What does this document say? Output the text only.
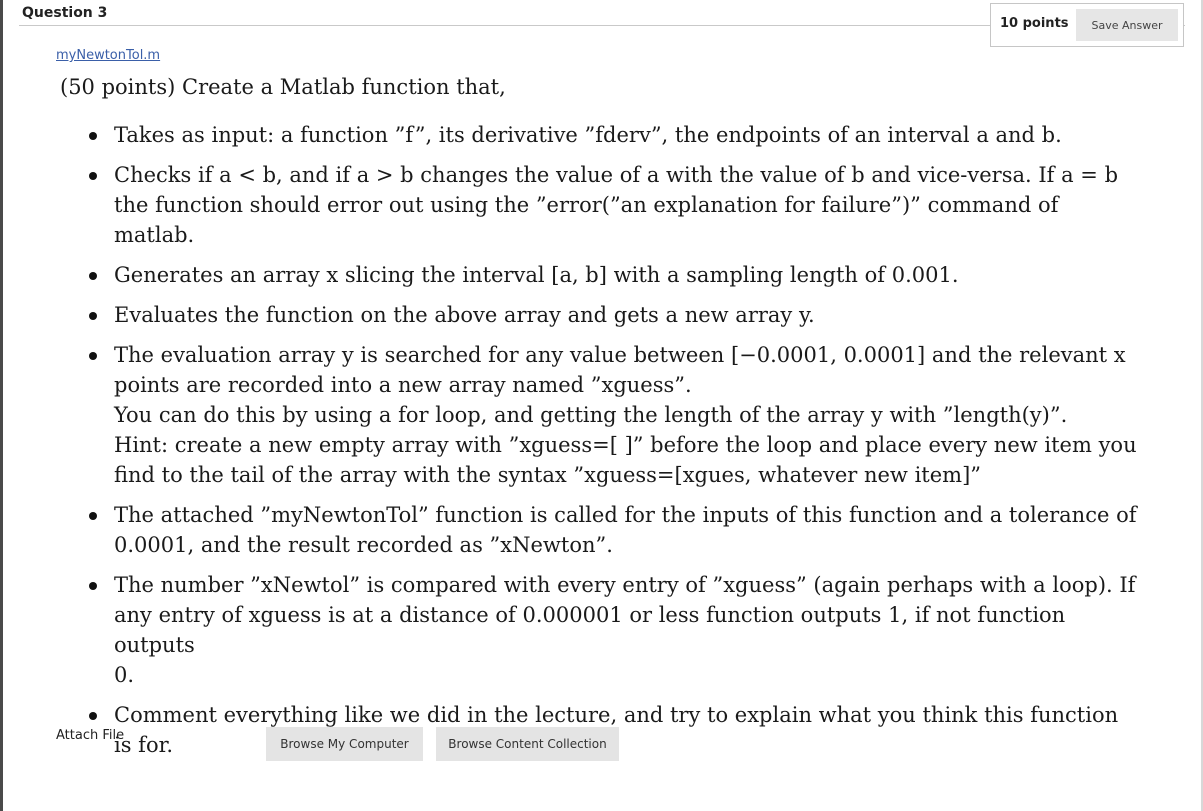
Question 3
10 points	Save Answer
myNewtonTol.m

(50 points) Create a Matlab function that,

Takes as input: a function ”f”, its derivative ”fderv”, the endpoints of an interval a and b.

Checks if a < b, and if a > b changes the value of a with the value of b and vice-versa. If a = b

the function should error out using the ”error(”an explanation for failure”)” command of matlab.

Generates an array x slicing the interval [a, b] with a sampling length of 0.001.

Evaluates the function on the above array and gets a new array y.

The evaluation array y is searched for any value between [−0.0001, 0.0001] and the relevant x

points are recorded into a new array named ”xguess”.

You can do this by using a for loop, and getting the length of the array y with ”length(y)”.

Hint: create a new empty array with ”xguess=[ ]” before the loop and place every new item you

find to the tail of the array with the syntax ”xguess=[xgues, whatever new item]”

The attached ”myNewtonTol” function is called for the inputs of this function and a tolerance of

0.0001, and the result recorded as ”xNewton”.

The number ”xNewtol” is compared with every entry of ”xguess” (again perhaps with a loop). If

any entry of xguess is at a distance of 0.000001 or less function outputs 1, if not function outputs

0.

Comment everything like we did in the lecture, and try to explain what you think this function

is for.

Attach File
Browse My Computer	Browse Content Collection
